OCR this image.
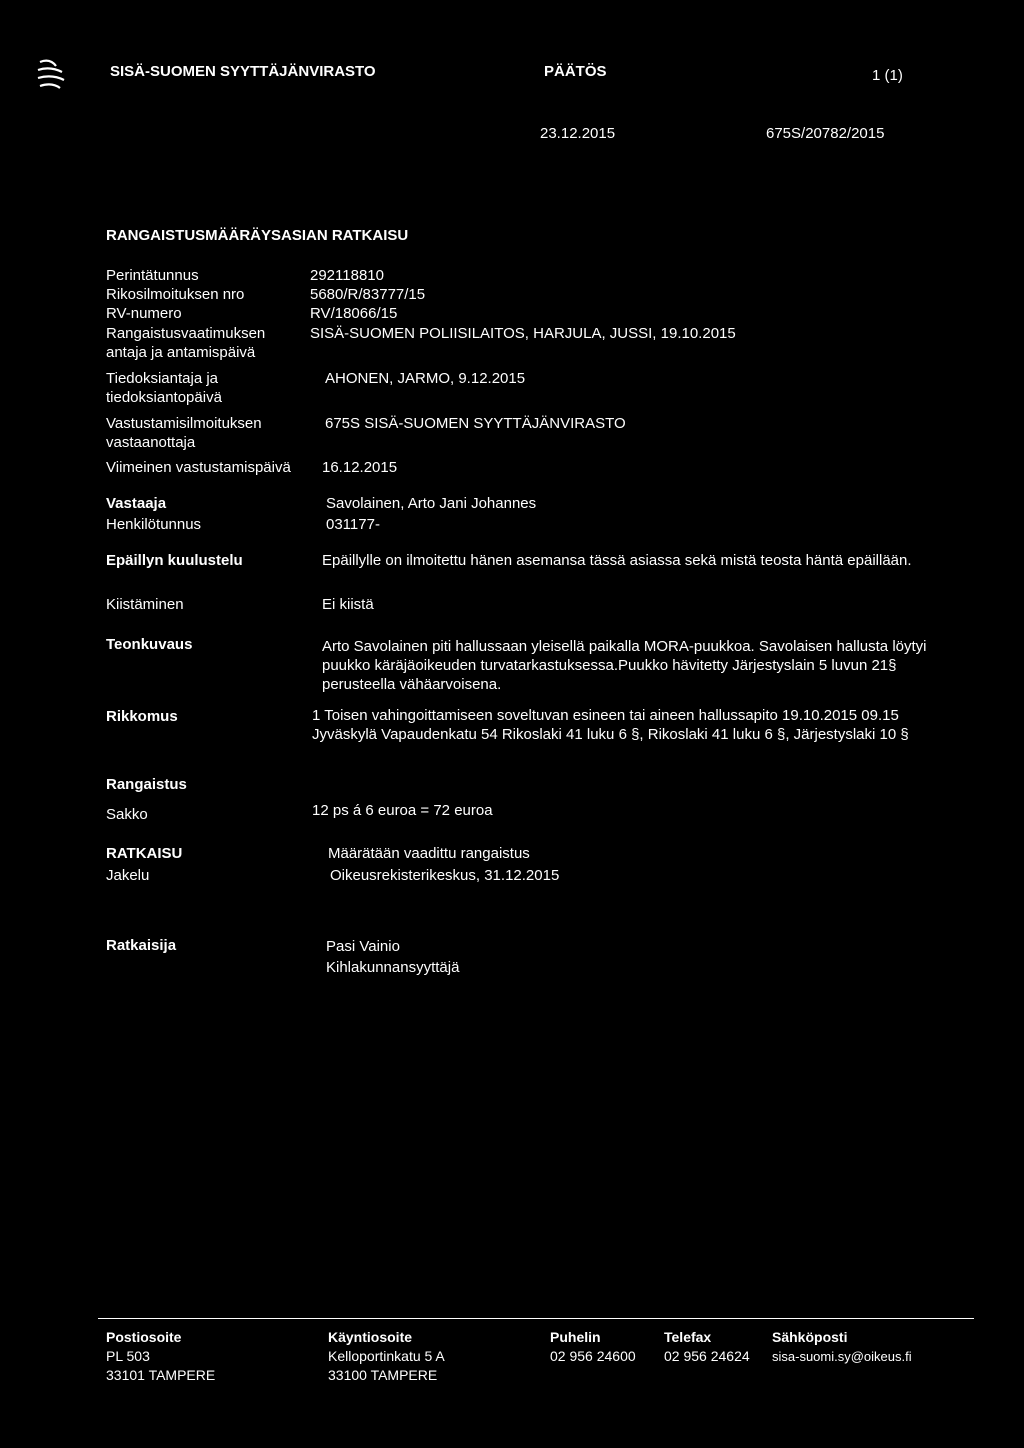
SISÄ-SUOMEN SYYTTÄJÄNVIRASTO	PÄÄTÖS	1 (1)
23.12.2015	675S/20782/2015
RANGAISTUSMÄÄRÄYSASIAN RATKAISU
Perintätunnus	292118810
Rikosilmoituksen nro	5680/R/83777/15
RV-numero	RV/18066/15
Rangaistusvaatimuksen
antaja ja antamispäivä
SISÄ-SUOMEN POLIISILAITOS, HARJULA, JUSSI, 19.10.2015
Tiedoksiantaja ja
tiedoksiantopäivä
AHONEN, JARMO, 9.12.2015
Vastustamisilmoituksen
vastaanottaja
675S SISÄ-SUOMEN SYYTTÄJÄNVIRASTO
Viimeinen vastustamispäivä 16.12.2015
Vastaaja	Savolainen, Arto Jani Johannes
Henkilötunnus	031177-
Epäillyn kuulustelu	Epäillylle on ilmoitettu hänen asemansa tässä asiassa sekä mistä teosta häntä epäillään.
Kiistäminen	Ei kiistä
Teonkuvaus	Arto Savolainen piti hallussaan yleisellä paikalla MORA-puukkoa. Savolaisen hallusta löytyi puukko käräjäoikeuden turvatarkastuksessa.Puukko hävitetty Järjestyslain 5 luvun 21§ perusteella vähäarvoisena.
Rikkomus	1 Toisen vahingoittamiseen soveltuvan esineen tai aineen hallussapito 19.10.2015 09.15 Jyväskylä Vapaudenkatu 54 Rikoslaki 41 luku 6 §, Rikoslaki 41 luku 6 §, Järjestyslaki 10 §
Rangaistus
Sakko	12 ps á 6 euroa = 72 euroa
RATKAISU	Määrätään vaadittu rangaistus
Jakelu	Oikeusrekisterikeskus, 31.12.2015
Ratkaisija	Pasi Vainio
Kihlakunnansyyttäjä
Postiosoite
PL 503
33101 TAMPERE
Käyntiosoite
Kelloportinkatu 5 A
33100 TAMPERE
Puhelin
02 956 24600
Telefax
02 956 24624
Sähköposti
sisa-suomi.sy@oikeus.fi
